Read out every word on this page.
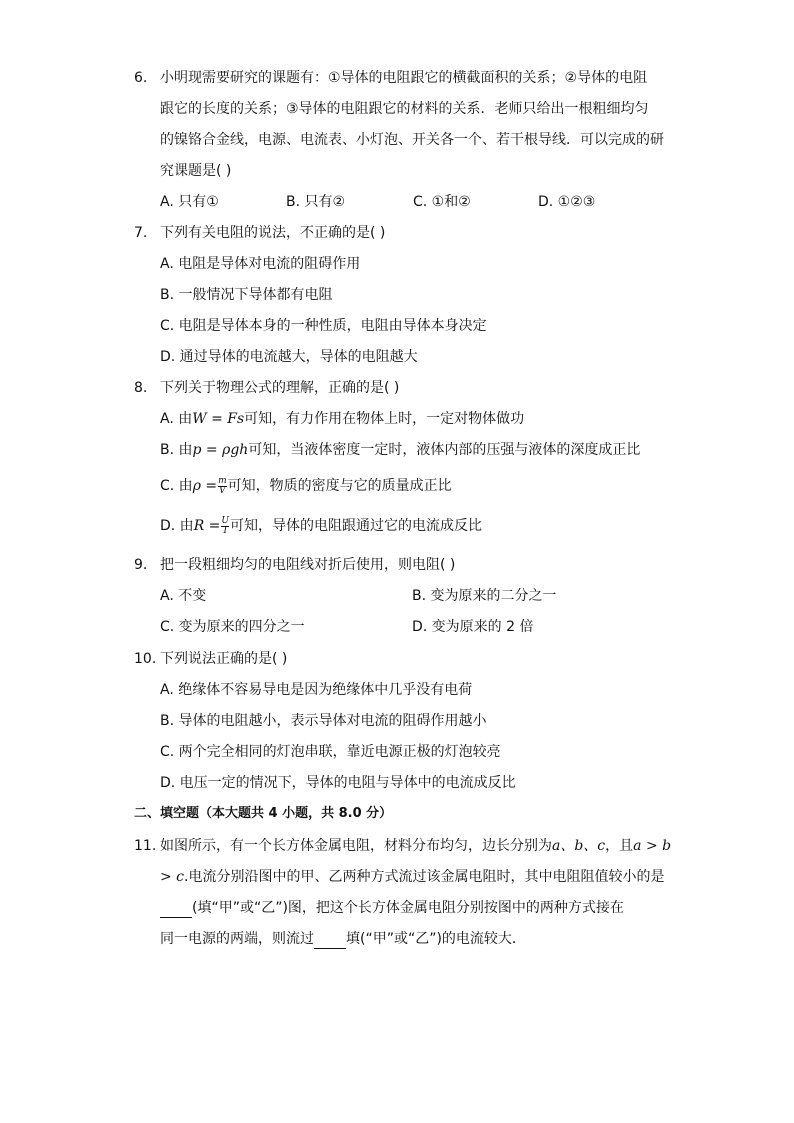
6. 小明现需要研究的课题有：①导体的电阻跟它的横截面积的关系；②导体的电阻
跟它的长度的关系；③导体的电阻跟它的材料的关系．老师只给出一根粗细均匀
的镍铬合金线，电源、电流表、小灯泡、开关各一个、若干根导线．可以完成的研
究课题是( )
A. 只有①	B. 只有②	C. ①和②	D. ①②③
7. 下列有关电阻的说法，不正确的是( )
A. 电阻是导体对电流的阻碍作用
B. 一般情况下导体都有电阻
C. 电阻是导体本身的一种性质，电阻由导体本身决定
D. 通过导体的电流越大，导体的电阻越大
8. 下列关于物理公式的理解，正确的是( )
A. 由W = Fs可知，有力作用在物体上时，一定对物体做功
B. 由p = ρgh可知，当液体密度一定时，液体内部的压强与液体的深度成正比
C. 由$\rho = \frac{m}{V}$ 可知，物质的密度与它的质量成正比
D. 由$R = \frac{U}{I}$ 可知，导体的电阻跟通过它的电流成反比
9. 把一段粗细均匀的电阻线对折后使用，则电阻( )
A. 不变	B. 变为原来的二分之一
C. 变为原来的四分之一	D. 变为原来的 2 倍
10. 下列说法正确的是( )
A. 绝缘体不容易导电是因为绝缘体中几乎没有电荷
B. 导体的电阻越小，表示导体对电流的阻碍作用越小
C. 两个完全相同的灯泡串联，靠近电源正极的灯泡较亮
D. 电压一定的情况下，导体的电阻与导体中的电流成反比
二、填空题（本大题共 4 小题，共 8.0 分）
11. 如图所示，有一个长方体金属电阻，材料分布均匀，边长分别为a、b、c，且a > b
> c.电流分别沿图中的甲、乙两种方式流过该金属电阻时，其中电阻阻值较小的是
(填“甲”或“乙”)图，把这个长方体金属电阻分别按图中的两种方式接在
同一电源的两端，则流过 填(“甲”或“乙”)的电流较大．
